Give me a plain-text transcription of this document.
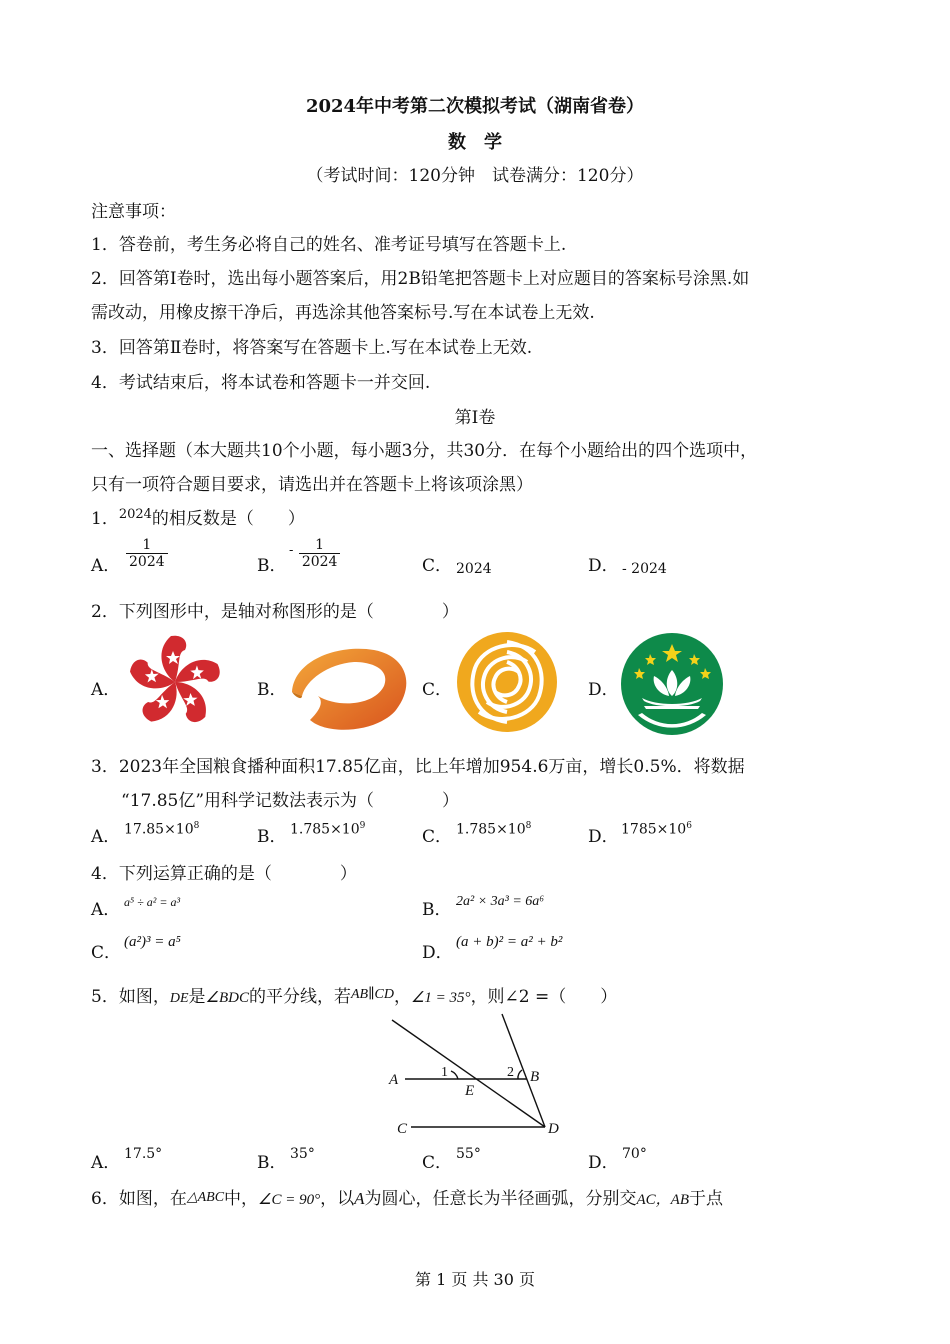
2024年中考第二次模拟考试（湖南省卷）
数　学
（考试时间：120分钟　试卷满分：120分）
注意事项：
1．答卷前，考生务必将自己的姓名、准考证号填写在答题卡上.
2．回答第Ⅰ卷时，选出每小题答案后，用2B铅笔把答题卡上对应题目的答案标号涂黑.如
需改动，用橡皮擦干净后，再选涂其他答案标号.写在本试卷上无效.
3．回答第Ⅱ卷时，将答案写在答题卡上.写在本试卷上无效.
4．考试结束后，将本试卷和答题卡一并交回.
第Ⅰ卷
一、选择题（本大题共10个小题，每小题3分，共30分．在每个小题给出的四个选项中，
只有一项符合题目要求，请选出并在答题卡上将该项涂黑）
1．$^{2024}$的相反数是（　　）
A． $\frac{1}{2024}$	B．
$^- \frac{1}{2024}$	C． 2024	D． - 2024
2．下列图形中，是轴对称图形的是（　　　　）
A．	B．	C．	D．
3．2023年全国粮食播种面积17.85亿亩，比上年增加954.6万亩，增长0.5%．将数据
“17.85亿”用科学记数法表示为（　　　　）
A． $17.85\times 10^8$
B． $1.785\times 10^9$
C． $1.785\times 10^8$
D． $1785\times 10^6$
4．下列运算正确的是（　　　　）
A． a⁵ ÷ a² = a³	B． 2a² × 3a³ = 6a⁶
C．
(a²)³ = a⁵
D．
(a + b)² = a² + b²
5．如图，DE是∠BDC的平分线，若$^{AB\parallel CD}$，∠1 = 35°，则∠2 =（　　）
A	B
C	D
E
1	2
A． 17.5°	B． 35°	C． 55°	D． 70°
6．如图，在△ABC中，∠C = 90°，以A为圆心，任意长为半径画弧，分别交AC，AB于点
第 1 页 共 30 页
